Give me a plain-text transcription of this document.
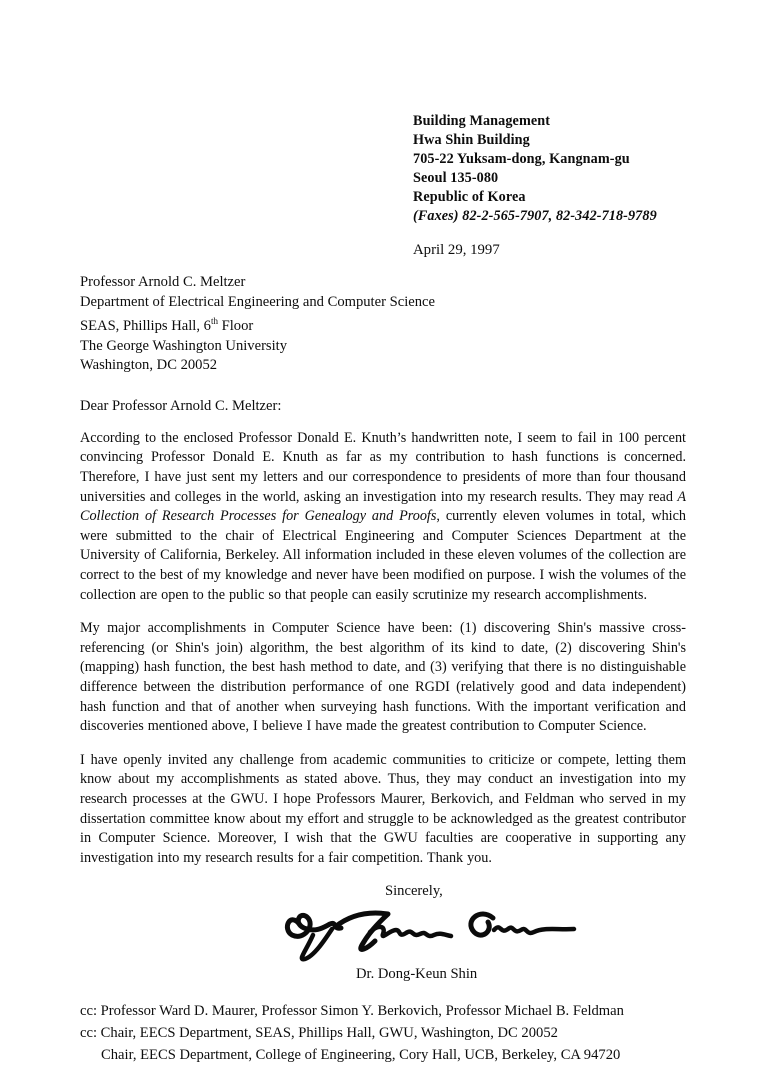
Building Management
Hwa Shin Building
705-22 Yuksam-dong, Kangnam-gu
Seoul 135-080
Republic of Korea
(Faxes) 82-2-565-7907, 82-342-718-9789
April 29, 1997
Professor Arnold C. Meltzer
Department of Electrical Engineering and Computer Science
SEAS, Phillips Hall, 6th Floor
The George Washington University
Washington, DC 20052
Dear Professor Arnold C. Meltzer:

According to the enclosed Professor Donald E. Knuth’s handwritten note, I seem to fail in 100 percent convincing Professor Donald E. Knuth as far as my contribution to hash functions is concerned. Therefore, I have just sent my letters and our correspondence to presidents of more than four thousand universities and colleges in the world, asking an investigation into my research results. They may read A Collection of Research Processes for Genealogy and Proofs, currently eleven volumes in total, which were submitted to the chair of Electrical Engineering and Computer Sciences Department at the University of California, Berkeley. All information included in these eleven volumes of the collection are correct to the best of my knowledge and never have been modified on purpose. I wish the volumes of the collection are open to the public so that people can easily scrutinize my research accomplishments.

My major accomplishments in Computer Science have been: (1) discovering Shin's massive cross-referencing (or Shin's join) algorithm, the best algorithm of its kind to date, (2) discovering Shin's (mapping) hash function, the best hash method to date, and (3) verifying that there is no distinguishable difference between the distribution performance of one RGDI (relatively good and data independent) hash function and that of another when surveying hash functions. With the important verification and discoveries mentioned above, I believe I have made the greatest contribution to Computer Science.

I have openly invited any challenge from academic communities to criticize or compete, letting them know about my accomplishments as stated above. Thus, they may conduct an investigation into my research processes at the GWU. I hope Professors Maurer, Berkovich, and Feldman who served in my dissertation committee know about my effort and struggle to be acknowledged as the greatest contributor in Computer Science. Moreover, I wish that the GWU faculties are cooperative in supporting any investigation into my research results for a fair competition. Thank you.

Sincerely,
Dr. Dong-Keun Shin
cc: Professor Ward D. Maurer, Professor Simon Y. Berkovich, Professor Michael B. Feldman
cc: Chair, EECS Department, SEAS, Phillips Hall, GWU, Washington, DC 20052
Chair, EECS Department, College of Engineering, Cory Hall, UCB, Berkeley, CA 94720
